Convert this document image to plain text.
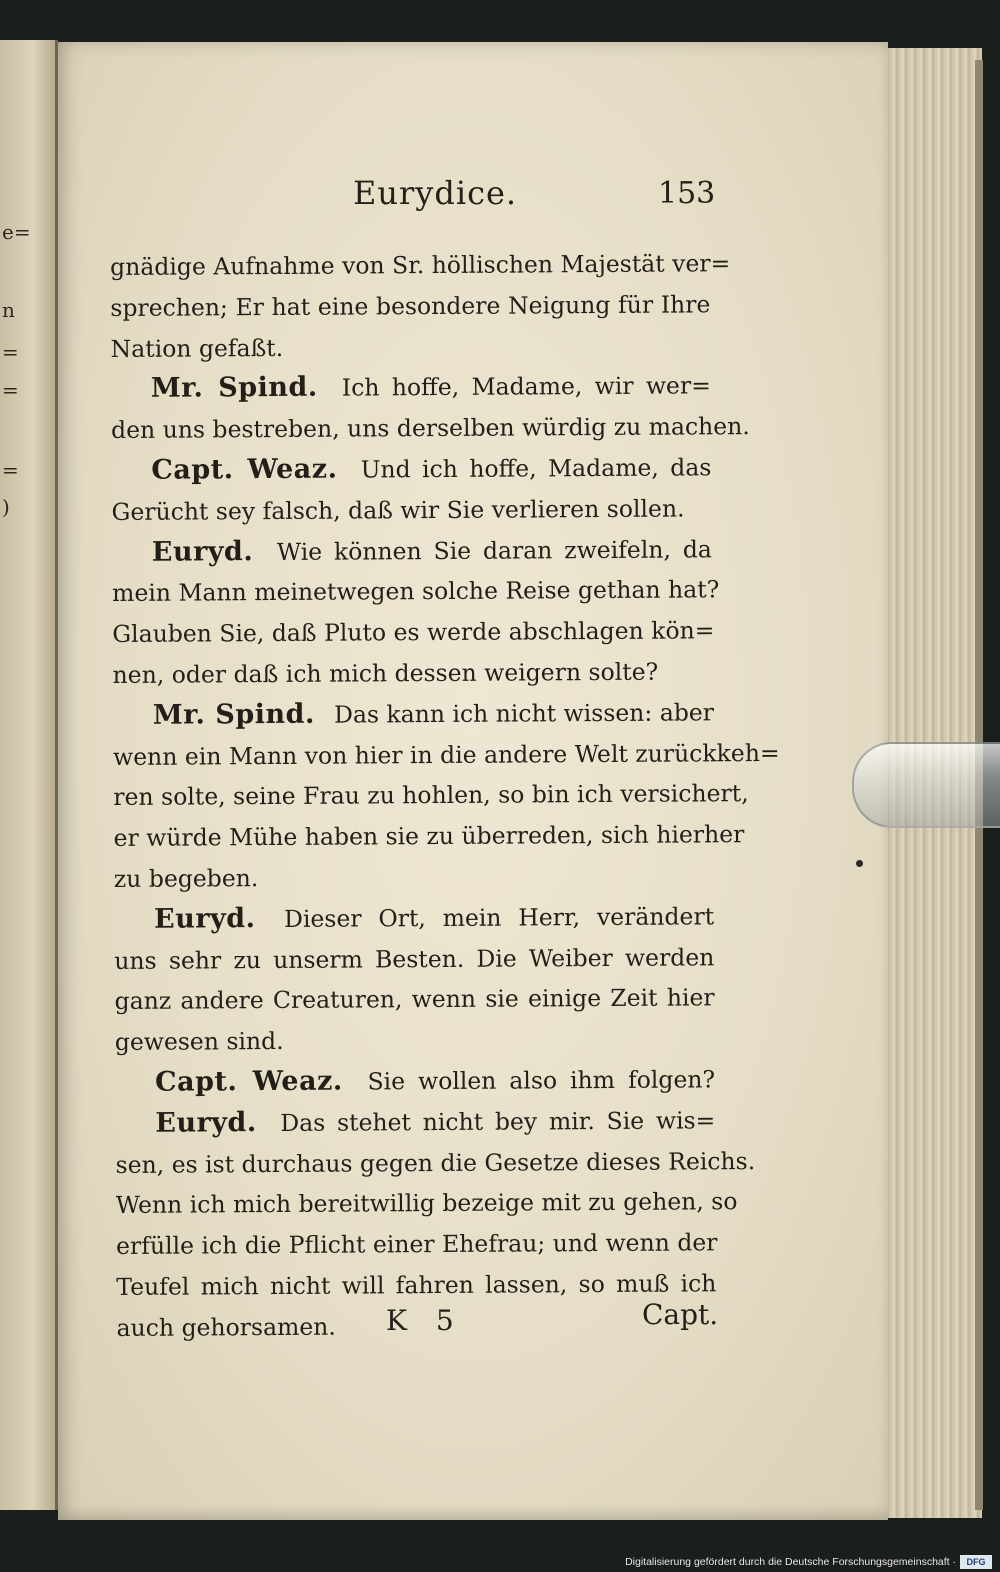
e=
n
=
=
=
)
Eurydice.	153
gnädige Aufnahme von Sr. höllischen Majestät ver=
sprechen; Er hat eine besondere Neigung für Ihre
Nation gefaßt.
Mr. Spind.  Ich hoffe, Madame, wir wer=
den uns bestreben, uns derselben würdig zu machen.
Capt. Weaz.  Und ich hoffe, Madame, das
Gerücht sey falsch, daß wir Sie verlieren sollen.
Euryd.  Wie können Sie daran zweifeln, da
mein Mann meinetwegen solche Reise gethan hat?
Glauben Sie, daß Pluto es werde abschlagen kön=
nen, oder daß ich mich dessen weigern solte?
Mr. Spind.  Das kann ich nicht wissen: aber
wenn ein Mann von hier in die andere Welt zurückkeh=
ren solte, seine Frau zu hohlen, so bin ich versichert,
er würde Mühe haben sie zu überreden, sich hierher
zu begeben.
Euryd.  Dieser Ort, mein Herr, verändert
uns sehr zu unserm Besten. Die Weiber werden
ganz andere Creaturen, wenn sie einige Zeit hier
gewesen sind.
Capt. Weaz.  Sie wollen also ihm folgen?
Euryd.  Das stehet nicht bey mir. Sie wis=
sen, es ist durchaus gegen die Gesetze dieses Reichs.
Wenn ich mich bereitwillig bezeige mit zu gehen, so
erfülle ich die Pflicht einer Ehefrau; und wenn der
Teufel mich nicht will fahren lassen, so muß ich
auch gehorsamen.	K 5	Capt.
Digitalisierung gefördert durch die Deutsche Forschungsgemeinschaft ·	DFG
